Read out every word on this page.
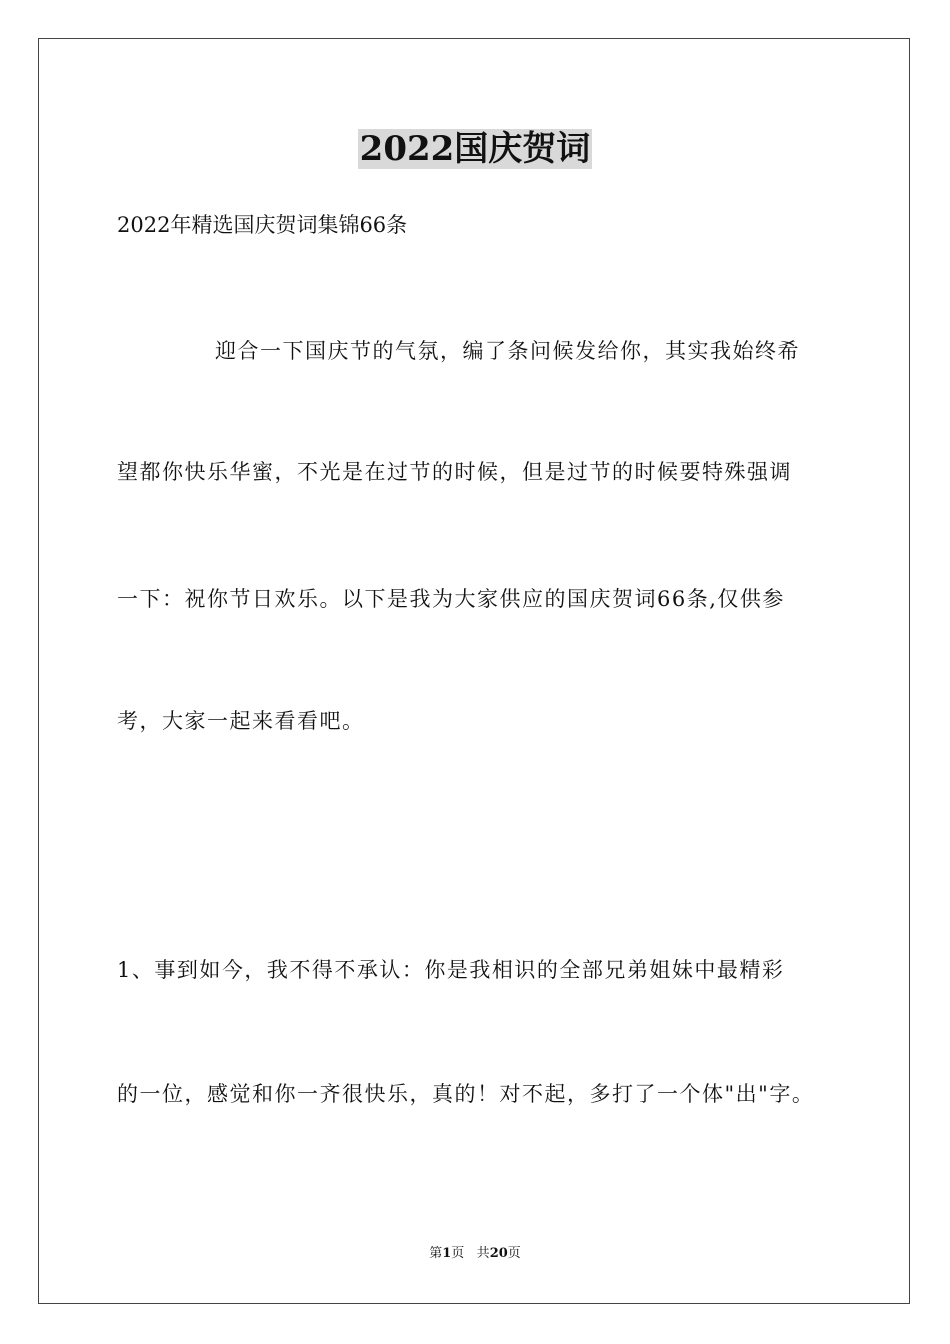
2022国庆贺词
2022年精选国庆贺词集锦66条
迎合一下国庆节的气氛，编了条问候发给你，其实我始终希
望都你快乐华蜜，不光是在过节的时候，但是过节的时候要特殊强调
一下：祝你节日欢乐。以下是我为大家供应的国庆贺词66条,仅供参
考，大家一起来看看吧。
1、事到如今，我不得不承认：你是我相识的全部兄弟姐妹中最精彩
的一位，感觉和你一齐很快乐，真的！对不起，多打了一个体"出"字。
第1页 共20页
